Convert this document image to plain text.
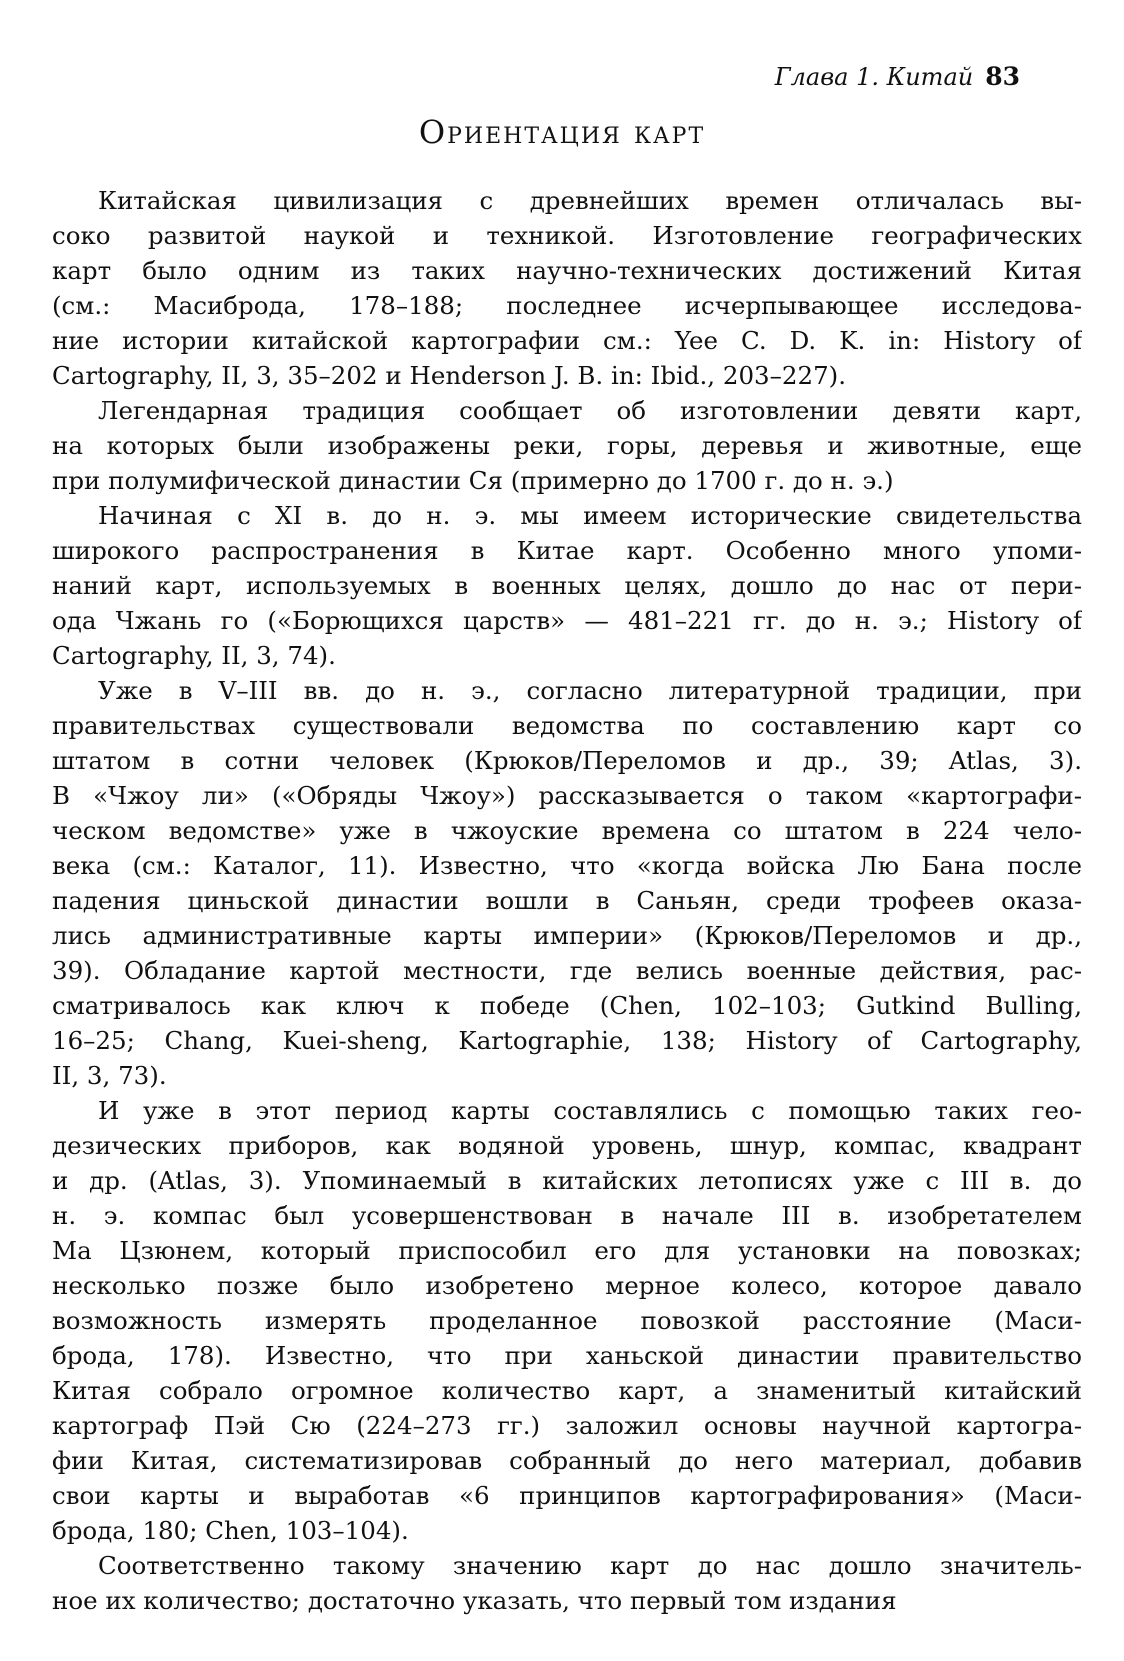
Глава 1. Китай 83
Ориентация карт
Китайская цивилизация с древнейших времен отличалась вы-
соко развитой наукой и техникой. Изготовление географических
карт было одним из таких научно-технических достижений Китая
(см.: Масиброда, 178–188; последнее исчерпывающее исследова-
ние истории китайской картографии см.: Yee C. D. K. in: History of
Cartography, II, 3, 35–202 и Henderson J. B. in: Ibid., 203–227).
Легендарная традиция сообщает об изготовлении девяти карт,
на которых были изображены реки, горы, деревья и животные, еще
при полумифической династии Ся (примерно до 1700 г. до н. э.)
Начиная с XI в. до н. э. мы имеем исторические свидетельства
широкого распространения в Китае карт. Особенно много упоми-
наний карт, используемых в военных целях, дошло до нас от пери-
ода Чжань го («Борющихся царств» — 481–221 гг. до н. э.; History of
Cartography, II, 3, 74).
Уже в V–III вв. до н. э., согласно литературной традиции, при
правительствах существовали ведомства по составлению карт со
штатом в сотни человек (Крюков/Переломов и др., 39; Atlas, 3).
В «Чжоу ли» («Обряды Чжоу») рассказывается о таком «картографи-
ческом ведомстве» уже в чжоуские времена со штатом в 224 чело-
века (см.: Каталог, 11). Известно, что «когда войска Лю Бана после
падения циньской династии вошли в Саньян, среди трофеев оказа-
лись административные карты империи» (Крюков/Переломов и др.,
39). Обладание картой местности, где велись военные действия, рас-
сматривалось как ключ к победе (Chen, 102–103; Gutkind Bulling,
16–25; Chang, Kuei-sheng, Kartographie, 138; History of Cartography,
II, 3, 73).
И уже в этот период карты составлялись с помощью таких гео-
дезических приборов, как водяной уровень, шнур, компас, квадрант
и др. (Atlas, 3). Упоминаемый в китайских летописях уже с III в. до
н. э. компас был усовершенствован в начале III в. изобретателем
Ма Цзюнем, который приспособил его для установки на повозках;
несколько позже было изобретено мерное колесо, которое давало
возможность измерять проделанное повозкой расстояние (Маси-
брода, 178). Известно, что при ханьской династии правительство
Китая собрало огромное количество карт, а знаменитый китайский
картограф Пэй Сю (224–273 гг.) заложил основы научной картогра-
фии Китая, систематизировав собранный до него материал, добавив
свои карты и выработав «6 принципов картографирования» (Маси-
брода, 180; Chen, 103–104).
Соответственно такому значению карт до нас дошло значитель-
ное их количество; достаточно указать, что первый том издания
